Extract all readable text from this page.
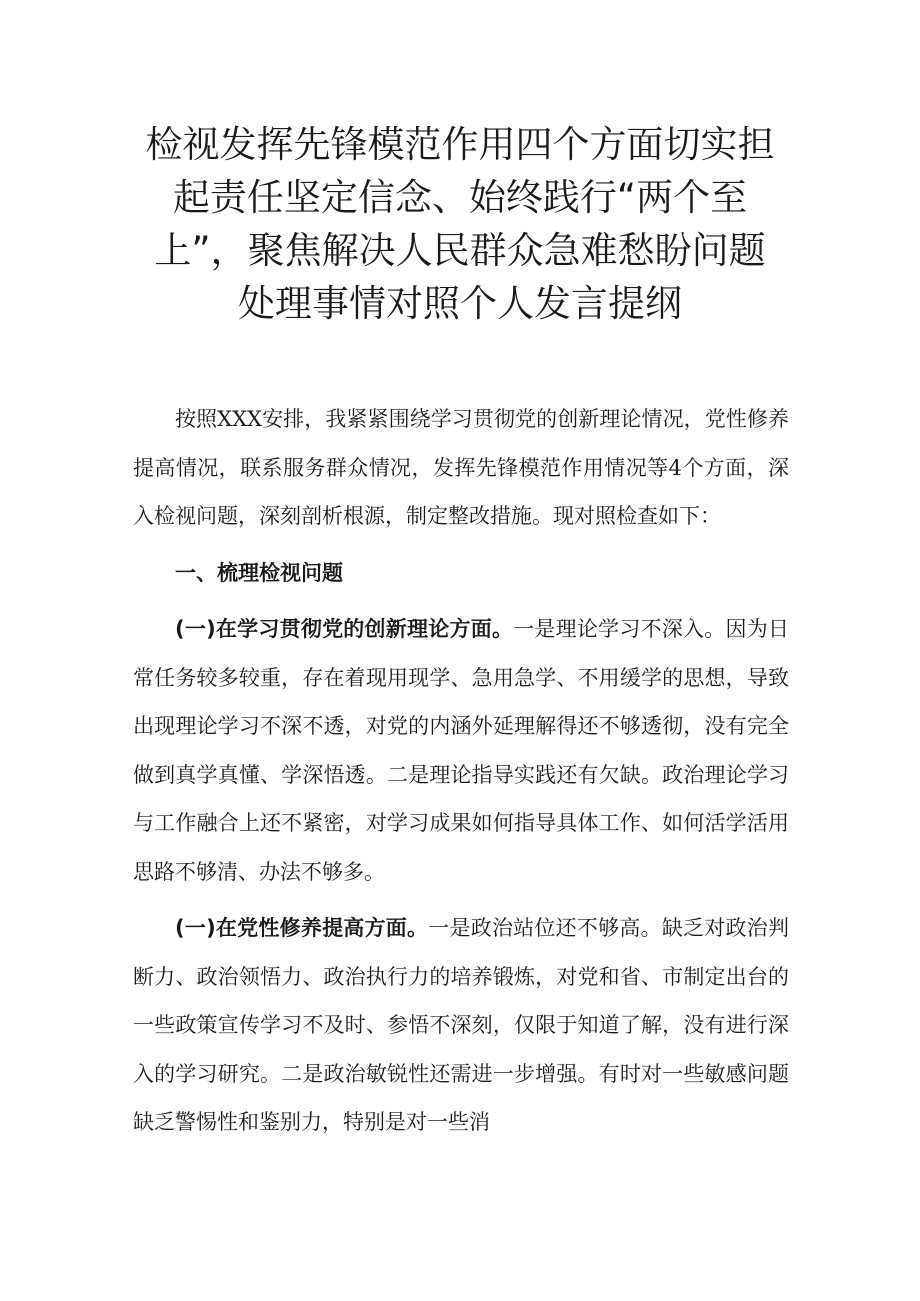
检视发挥先锋模范作用四个方面切实担
起责任坚定信念、始终践行“两个至
上”，聚焦解决人民群众急难愁盼问题
处理事情对照个人发言提纲

按照XXX安排，我紧紧围绕学习贯彻党的创新理论情况，党性修养提高情况，联系服务群众情况，发挥先锋模范作用情况等4个方面，深入检视问题，深刻剖析根源，制定整改措施。现对照检查如下：

一、梳理检视问题

(一)在学习贯彻党的创新理论方面。一是理论学习不深入。因为日常任务较多较重，存在着现用现学、急用急学、不用缓学的思想，导致出现理论学习不深不透，对党的内涵外延理解得还不够透彻，没有完全做到真学真懂、学深悟透。二是理论指导实践还有欠缺。政治理论学习与工作融合上还不紧密，对学习成果如何指导具体工作、如何活学活用思路不够清、办法不够多。

(一)在党性修养提高方面。一是政治站位还不够高。缺乏对政治判断力、政治领悟力、政治执行力的培养锻炼，对党和省、市制定出台的一些政策宣传学习不及时、参悟不深刻，仅限于知道了解，没有进行深入的学习研究。二是政治敏锐性还需进一步增强。有时对一些敏感问题缺乏警惕性和鉴别力，特别是对一些消
